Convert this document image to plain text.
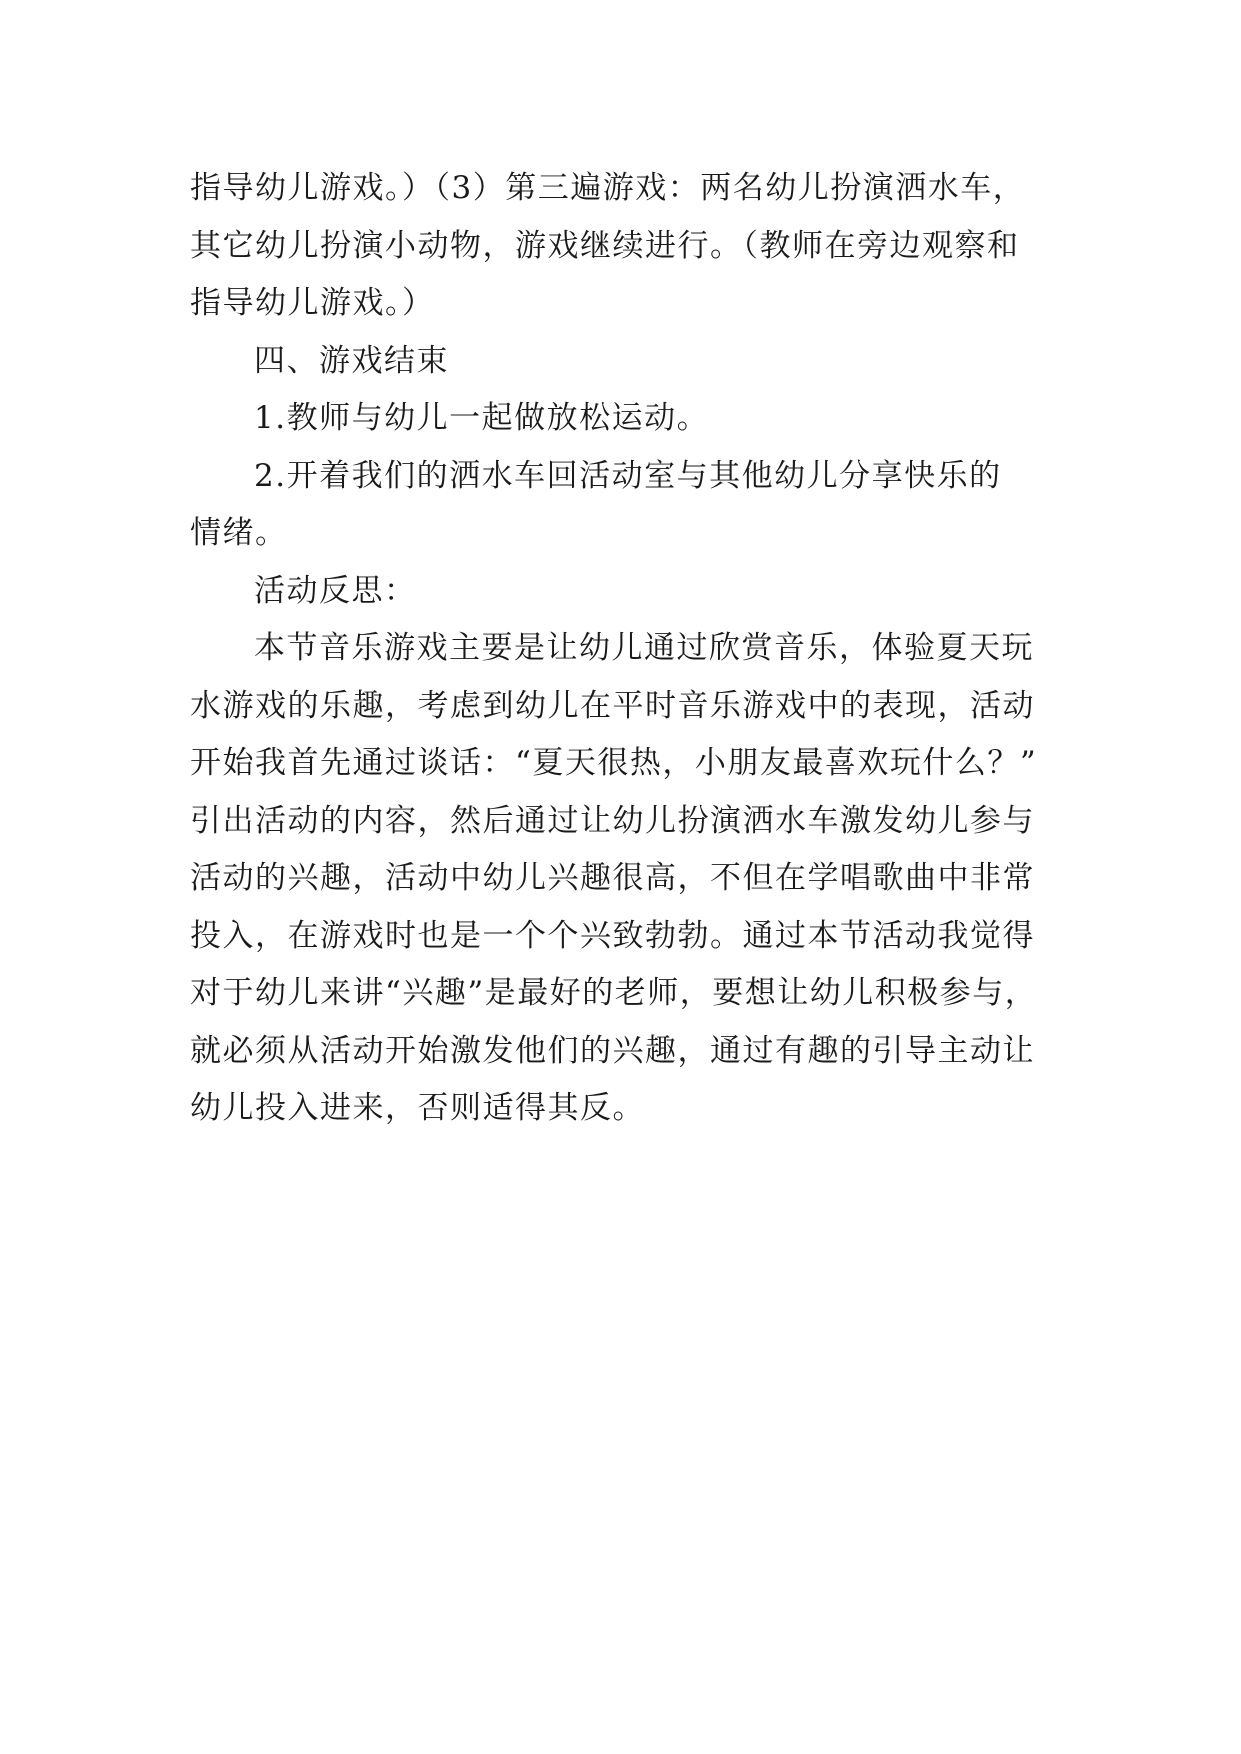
指导幼儿游戏。）（3）第三遍游戏：两名幼儿扮演洒水车，
其它幼儿扮演小动物，游戏继续进行。（教师在旁边观察和
指导幼儿游戏。）
四、游戏结束
1.教师与幼儿一起做放松运动。
2.开着我们的洒水车回活动室与其他幼儿分享快乐的
情绪。
活动反思：
本节音乐游戏主要是让幼儿通过欣赏音乐，体验夏天玩
水游戏的乐趣，考虑到幼儿在平时音乐游戏中的表现，活动
开始我首先通过谈话：“夏天很热，小朋友最喜欢玩什么？”
引出活动的内容，然后通过让幼儿扮演洒水车激发幼儿参与
活动的兴趣，活动中幼儿兴趣很高，不但在学唱歌曲中非常
投入，在游戏时也是一个个兴致勃勃。通过本节活动我觉得
对于幼儿来讲“兴趣”是最好的老师，要想让幼儿积极参与，
就必须从活动开始激发他们的兴趣，通过有趣的引导主动让
幼儿投入进来，否则适得其反。
